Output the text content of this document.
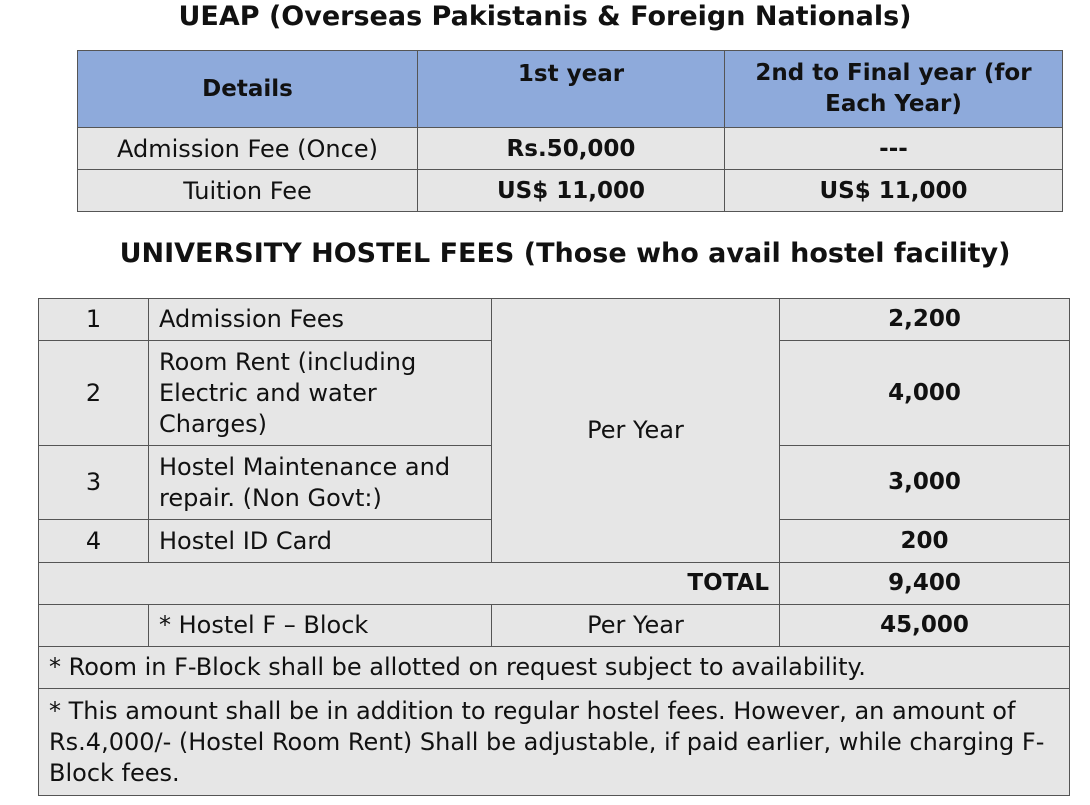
UEAP (Overseas Pakistanis & Foreign Nationals)
Details	1st year	2nd to Final year (for Each Year)
Admission Fee (Once)	Rs.50,000	---
Tuition Fee	US$ 11,000	US$ 11,000
UNIVERSITY HOSTEL FEES (Those who avail hostel facility)
1	Admission Fees	Per Year	2,200
2	Room Rent (including Electric and water Charges)		4,000
3	Hostel Maintenance and repair. (Non Govt:)		3,000
4	Hostel ID Card		200
TOTAL			9,400
	* Hostel F – Block	Per Year	45,000
* Room in F-Block shall be allotted on request subject to availability.			
* This amount shall be in addition to regular hostel fees. However, an amount of Rs.4,000/- (Hostel Room Rent) Shall be adjustable, if paid earlier, while charging F-Block fees.			
